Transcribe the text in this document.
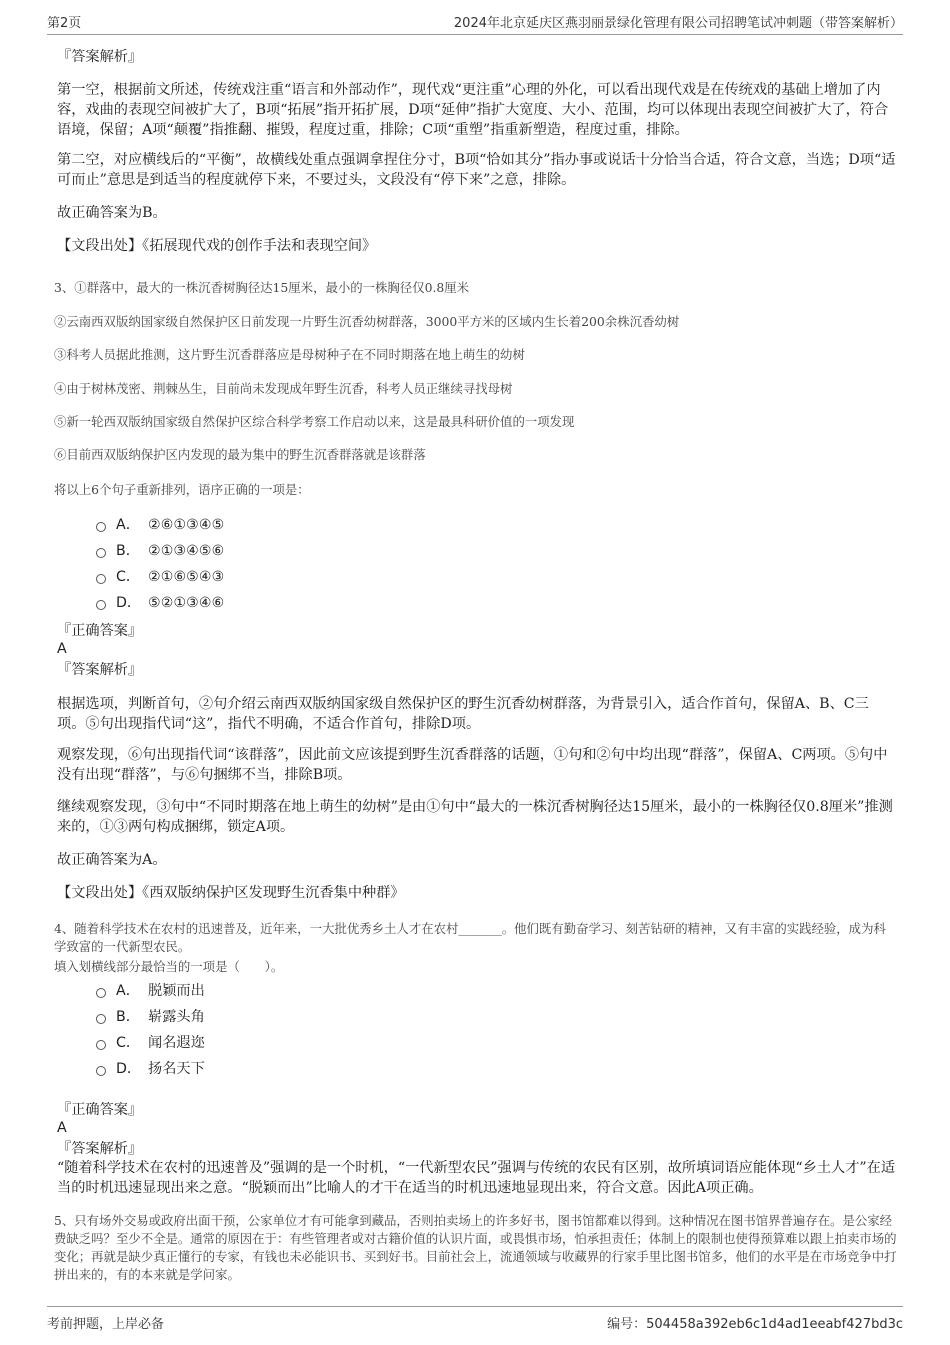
第2页	2024年北京延庆区燕羽丽景绿化管理有限公司招聘笔试冲刺题（带答案解析）
『答案解析』
第一空，根据前文所述，传统戏注重“语言和外部动作”，现代戏“更注重”心理的外化，可以看出现代戏是在传统戏的基础上增加了内容，戏曲的表现空间被扩大了，B项“拓展”指开拓扩展，D项“延伸”指扩大宽度、大小、范围，均可以体现出表现空间被扩大了，符合语境，保留；A项“颠覆”指推翻、摧毁，程度过重，排除；C项“重塑”指重新塑造，程度过重，排除。
第二空，对应横线后的“平衡”，故横线处重点强调拿捏住分寸，B项“恰如其分”指办事或说话十分恰当合适，符合文意，当选；D项“适可而止”意思是到适当的程度就停下来，不要过头，文段没有“停下来”之意，排除。
故正确答案为B。
【文段出处】《拓展现代戏的创作手法和表现空间》
3、①群落中，最大的一株沉香树胸径达15厘米，最小的一株胸径仅0.8厘米
②云南西双版纳国家级自然保护区日前发现一片野生沉香幼树群落，3000平方米的区域内生长着200余株沉香幼树
③科考人员据此推测，这片野生沉香群落应是母树种子在不同时期落在地上萌生的幼树
④由于树林茂密、荆棘丛生，目前尚未发现成年野生沉香，科考人员正继续寻找母树
⑤新一轮西双版纳国家级自然保护区综合科学考察工作启动以来，这是最具科研价值的一项发现
⑥目前西双版纳保护区内发现的最为集中的野生沉香群落就是该群落
将以上6个句子重新排列，语序正确的一项是：
A． ②⑥①③④⑤
B． ②①③④⑤⑥
C． ②①⑥⑤④③
D． ⑤②①③④⑥
『正确答案』
A
『答案解析』
根据选项，判断首句，②句介绍云南西双版纳国家级自然保护区的野生沉香幼树群落，为背景引入，适合作首句，保留A、B、C三项。⑤句出现指代词“这”，指代不明确，不适合作首句，排除D项。
观察发现，⑥句出现指代词“该群落”，因此前文应该提到野生沉香群落的话题，①句和②句中均出现“群落”，保留A、C两项。⑤句中没有出现“群落”，与⑥句捆绑不当，排除B项。
继续观察发现，③句中“不同时期落在地上萌生的幼树”是由①句中“最大的一株沉香树胸径达15厘米，最小的一株胸径仅0.8厘米”推测来的，①③两句构成捆绑，锁定A项。
故正确答案为A。
【文段出处】《西双版纳保护区发现野生沉香集中种群》
4、随着科学技术在农村的迅速普及，近年来，一大批优秀乡土人才在农村_______。他们既有勤奋学习、刻苦钻研的精神，又有丰富的实践经验，成为科学致富的一代新型农民。
填入划横线部分最恰当的一项是（　　）。
A． 脱颖而出
B． 崭露头角
C． 闻名遐迩
D． 扬名天下
『正确答案』
A
『答案解析』
“随着科学技术在农村的迅速普及”强调的是一个时机，“一代新型农民”强调与传统的农民有区别，故所填词语应能体现“乡土人才”在适当的时机迅速显现出来之意。“脱颖而出”比喻人的才干在适当的时机迅速地显现出来，符合文意。因此A项正确。
5、只有场外交易或政府出面干预，公家单位才有可能拿到藏品，否则拍卖场上的许多好书，图书馆都难以得到。这种情况在图书馆界普遍存在。是公家经费缺乏吗？至少不全是。通常的原因在于：有些管理者或对古籍价值的认识片面，或畏惧市场，怕承担责任；体制上的限制也使得预算难以跟上拍卖市场的变化；再就是缺少真正懂行的专家，有钱也未必能识书、买到好书。目前社会上，流通领域与收藏界的行家手里比图书馆多，他们的水平是在市场竞争中打拼出来的，有的本来就是学问家。
考前押题，上岸必备	编号：504458a392eb6c1d4ad1eeabf427bd3c
